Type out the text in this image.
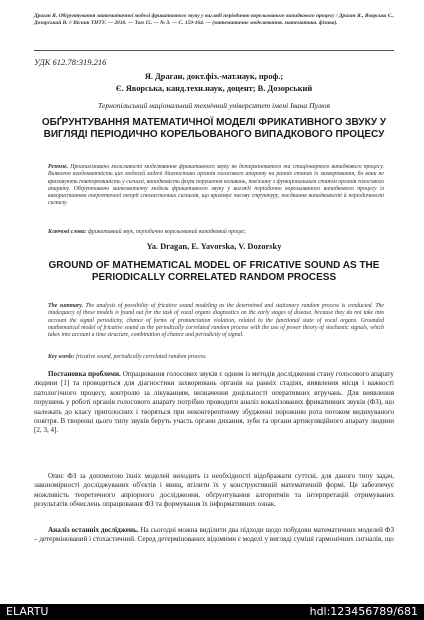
Драган Я. Обґрунтування математичної моделі фрикативного звуку у вигляді періодично корельованого випадкового процесу / Драган Я., Яворська Є., Дозорський В. // Вісник ТНТУ. — 2010. — Том 15. — № 3. — С. 159-164. — (математичне моделювання. математика. фізика).
УДК 612.78:319.216
Я. Драган, докт.фіз.-мат.наук, проф.;
Є. Яворська, канд.техн.наук, доцент; В. Дозорський
Тернопільський національний технічний університет імені Івана Пулюя
ОБҐРУНТУВАННЯ МАТЕМАТИЧНОЇ МОДЕЛІ ФРИКАТИВНОГО ЗВУКУ У ВИГЛЯДІ ПЕРІОДИЧНО КОРЕЛЬОВАНОГО ВИПАДКОВОГО ПРОЦЕСУ
Резюме. Проаналізовано можливості моделювання фрикативного звуку як детермінованого та стаціонарного випадкового процесу. Виявлено неадекватність цих моделей задачі діагностики органів голосового апарату на ранніх етапах їх захворювання, бо вони не враховують повторюваність у сигналі, випадковість форм порушення коливань, пов'язану з функціональним станом органів голосового апарату. Обґрунтовано математичну модель фрикативного звуку у вигляді періодично корельованого випадкового процесу із використанням енергетичної теорії стохастичних сигналів, що враховує часову структуру, поєднання випадковості й періодичності сигналу.
Ключові слова: фрикативний звук, періодично корельований випадковий процес.
Ya. Dragan, E. Yavorska, V. Dozorsky
GROUND OF MATHEMATICAL MODEL OF FRICATIVE SOUND AS THE PERIODICALLY CORRELATED RANDOM PROCESS
The summary. The analysis of possibility of fricative sound modeling as the determined and stationary random process is conducted. The inadequacy of these models is found out for the task of vocal organs diagnostics on the early stages of disease, because they do not take into account the signal periodicity, chance of forms of pronunciation violation, related to the functional state of vocal organs. Grounded mathematical model of fricative sound as the periodically correlated random process with the use of power theory of stochastic signals, which takes into account a time structure, combination of chance and periodicity of signal.
Key words: fricative sound, periodically correlated random process.
Постановка проблеми. Опрацювання голосових звуків є одним із методів дослідження стану голосового апарату людини [1] та проводиться для діагностики захворювань органів на ранніх стадіях, виявлення місця і важкості патологічного процесу, контролю за лікуванням, визначення доцільності оперативних втручань. Для виявлення порушень у роботі органів голосового апарату потрібно проводити аналіз вокалізованих фрикативних звуків (ФЗ), що належать до класу приголосних і творяться при неконгерентному збудженні порожнин рота потоком видихуваного повітря. В творенні цього типу звуків беруть участь органи дихання, зуби та органи артикуляційного апарату людини [2, 3, 4].
Опис ФЗ за допомогою їхніх моделей виходить із необхідності відображати суттєві, для даного типу задач, закономірності досліджуваних об'єктів і явищ, втілити їх у конструктивній математичній формі. Це забезпечує можливість теоретичного апріорного дослідження, обґрунтування алгоритмів та інтерпретацій отримуваних результатів обчислень опрацювання ФЗ та формування їх інформативних ознак.
Аналіз останніх досліджень. На сьогодні можна виділити два підходи щодо побудови математичних моделей ФЗ – детермінований і стохастичний. Серед детермінованих відомими є моделі у вигляді суміші гармонічних сигналів, що
ELARTU	hdl:123456789/681
